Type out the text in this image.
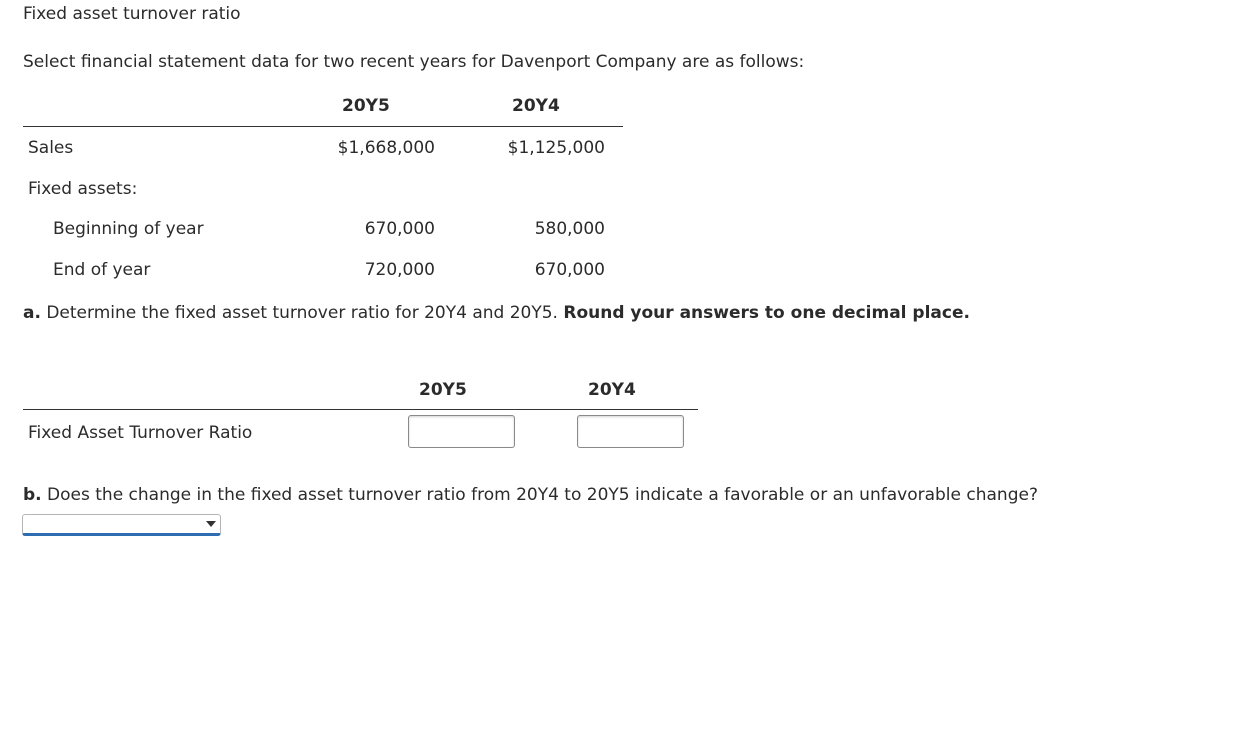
Fixed asset turnover ratio
Select financial statement data for two recent years for Davenport Company are as follows:
20Y5	20Y4
Sales	$1,668,000	$1,125,000
Fixed assets:
Beginning of year	670,000	580,000
End of year	720,000	670,000
a. Determine the fixed asset turnover ratio for 20Y4 and 20Y5. Round your answers to one decimal place.
20Y5	20Y4
Fixed Asset Turnover Ratio
b. Does the change in the fixed asset turnover ratio from 20Y4 to 20Y5 indicate a favorable or an unfavorable change?
